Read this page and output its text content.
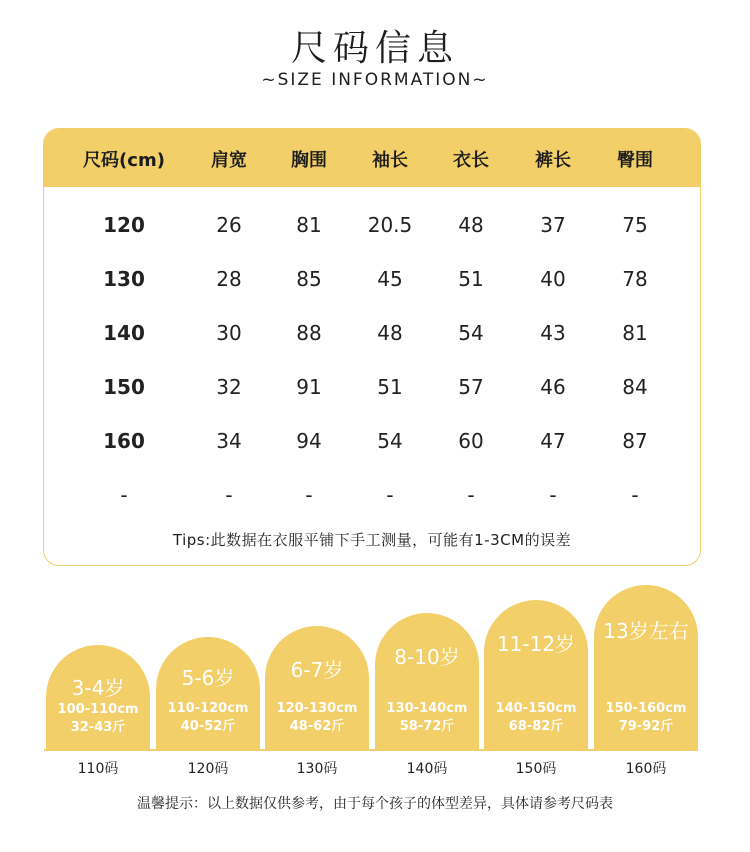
尺码信息
~SIZE INFORMATION~
尺码(cm)	肩宽	胸围	袖长	衣长	裤长	臀围
120	26	81	20.5	48	37	75
130	28	85	45	51	40	78
140	30	88	48	54	43	81
150	32	91	51	57	46	84
160	34	94	54	60	47	87
-	-	-	-	-	-	-
Tips:此数据在衣服平铺下手工测量，可能有1-3CM的误差
3-4岁
100-110cm
32-43斤
5-6岁
110-120cm
40-52斤
6-7岁
120-130cm
48-62斤
8-10岁
130-140cm
58-72斤
11-12岁
140-150cm
68-82斤
13岁左右
150-160cm
79-92斤
110码	120码	130码	140码	150码	160码
温馨提示：以上数据仅供参考，由于每个孩子的体型差异，具体请参考尺码表
